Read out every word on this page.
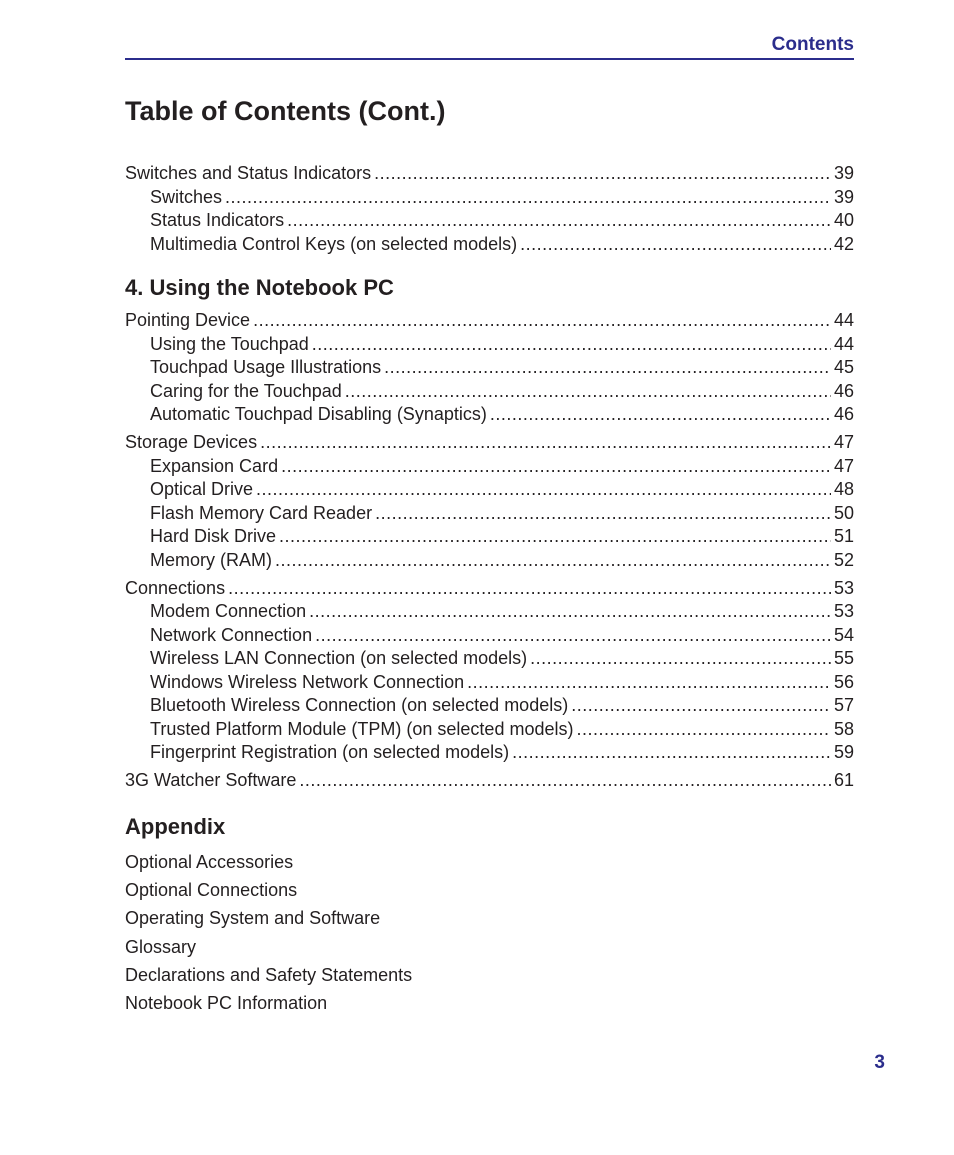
Contents
Table of Contents (Cont.)
Switches and Status Indicators .....	39
Switches .....	39
Status Indicators .....	40
Multimedia Control Keys (on selected models) .....	42
4. Using the Notebook PC
Pointing Device .....	44
Using the Touchpad .....	44
Touchpad Usage Illustrations .....	45
Caring for the Touchpad .....	46
Automatic Touchpad Disabling (Synaptics) .....	46
Storage Devices .....	47
Expansion Card .....	47
Optical Drive .....	48
Flash Memory Card Reader .....	50
Hard Disk Drive .....	51
Memory (RAM) .....	52
Connections .....	53
Modem Connection .....	53
Network Connection .....	54
Wireless LAN Connection (on selected models) .....	55
Windows Wireless Network Connection .....	56
Bluetooth Wireless Connection (on selected models) .....	57
Trusted Platform Module (TPM) (on selected models) .....	58
Fingerprint Registration (on selected models) .....	59
3G Watcher Software .....	61
Appendix
Optional Accessories
Optional Connections
Operating System and Software
Glossary
Declarations and Safety Statements
Notebook PC Information
3
